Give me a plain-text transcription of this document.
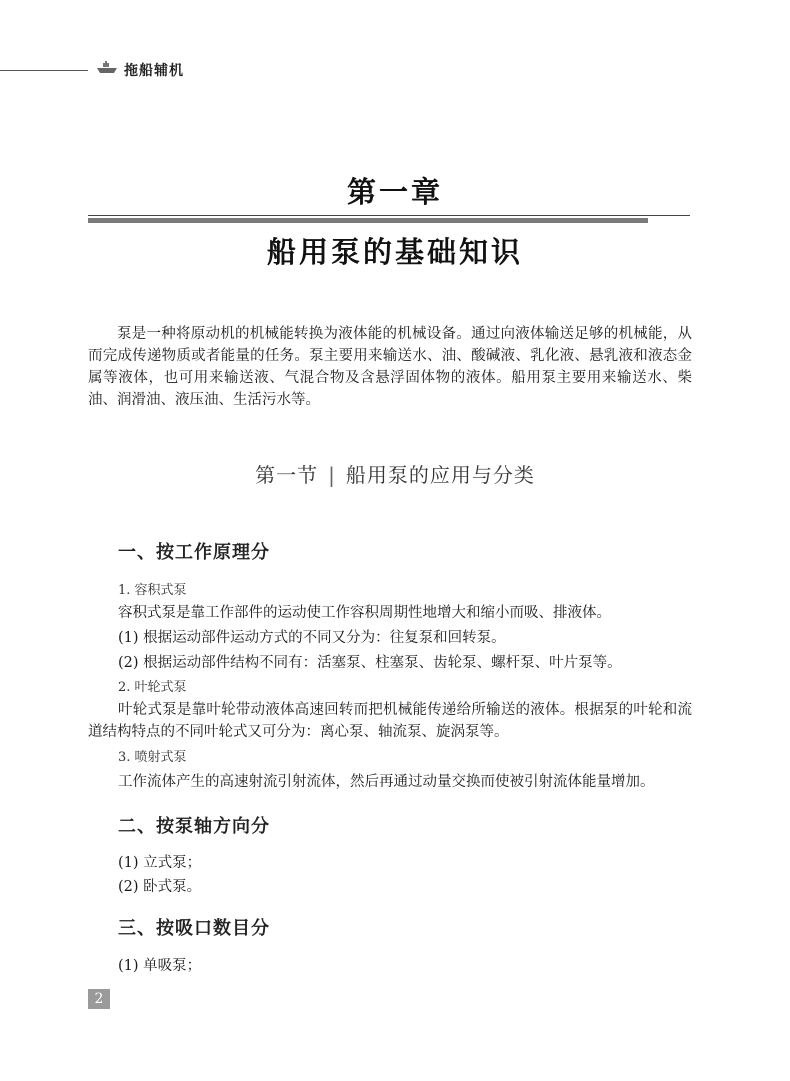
拖船辅机
第一章
船用泵的基础知识
泵是一种将原动机的机械能转换为液体能的机械设备。通过向液体输送足够的机械能，从而完成传递物质或者能量的任务。泵主要用来输送水、油、酸碱液、乳化液、悬乳液和液态金属等液体，也可用来输送液、气混合物及含悬浮固体物的液体。船用泵主要用来输送水、柴油、润滑油、液压油、生活污水等。
第一节 | 船用泵的应用与分类
一、按工作原理分
1. 容积式泵
容积式泵是靠工作部件的运动使工作容积周期性地增大和缩小而吸、排液体。
(1) 根据运动部件运动方式的不同又分为：往复泵和回转泵。
(2) 根据运动部件结构不同有：活塞泵、柱塞泵、齿轮泵、螺杆泵、叶片泵等。
2. 叶轮式泵
叶轮式泵是靠叶轮带动液体高速回转而把机械能传递给所输送的液体。根据泵的叶轮和流道结构特点的不同叶轮式又可分为：离心泵、轴流泵、旋涡泵等。
3. 喷射式泵
工作流体产生的高速射流引射流体，然后再通过动量交换而使被引射流体能量增加。
二、按泵轴方向分
(1) 立式泵；
(2) 卧式泵。
三、按吸口数目分
(1) 单吸泵；
2
